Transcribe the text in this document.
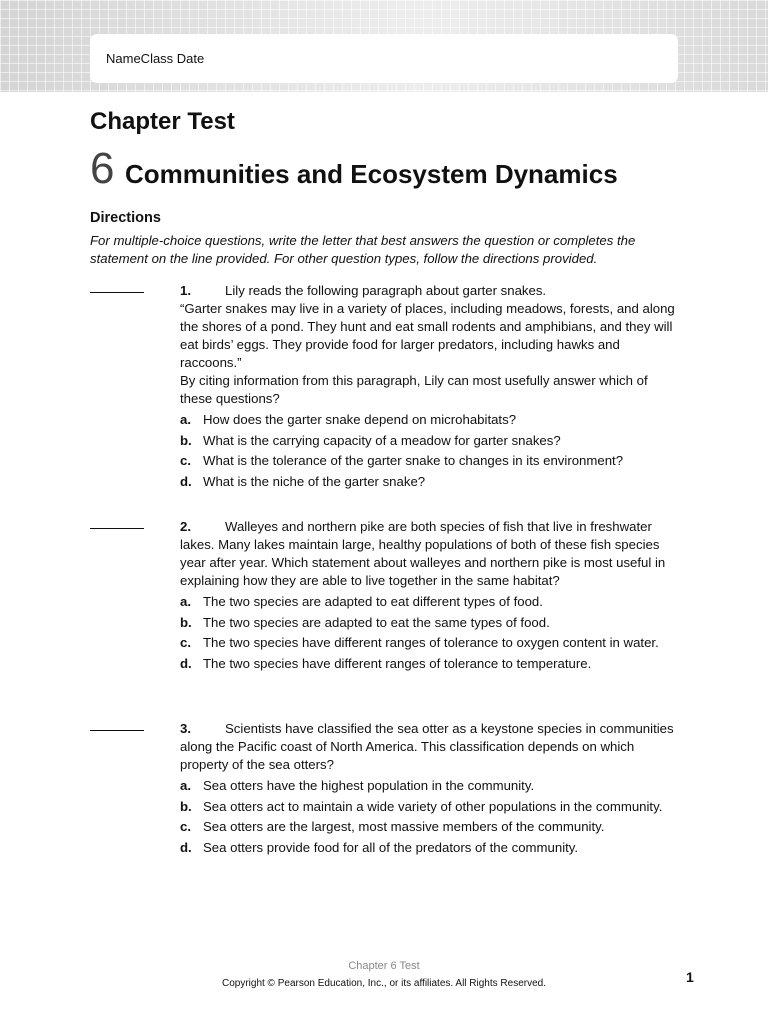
NameClass Date
Chapter Test
6 Communities and Ecosystem Dynamics
Directions

For multiple-choice questions, write the letter that best answers the question or completes the statement on the line provided. For other question types, follow the directions provided.

1.	Lily reads the following paragraph about garter snakes.

“Garter snakes may live in a variety of places, including meadows, forests, and along the shores of a pond. They hunt and eat small rodents and amphibians, and they will eat birds’ eggs. They provide food for larger predators, including hawks and raccoons.”

By citing information from this paragraph, Lily can most usefully answer which of these questions?

a. How does the garter snake depend on microhabitats?
b. What is the carrying capacity of a meadow for garter snakes?
c. What is the tolerance of the garter snake to changes in its environment?
d. What is the niche of the garter snake?

2.	Walleyes and northern pike are both species of fish that live in freshwater lakes. Many lakes maintain large, healthy populations of both of these fish species year after year. Which statement about walleyes and northern pike is most useful in explaining how they are able to live together in the same habitat?

a. The two species are adapted to eat different types of food.
b. The two species are adapted to eat the same types of food.
c. The two species have different ranges of tolerance to oxygen content in water.
d. The two species have different ranges of tolerance to temperature.

3.	Scientists have classified the sea otter as a keystone species in communities along the Pacific coast of North America. This classification depends on which property of the sea otters?

a. Sea otters have the highest population in the community.
b. Sea otters act to maintain a wide variety of other populations in the community.
c. Sea otters are the largest, most massive members of the community.
d. Sea otters provide food for all of the predators of the community.
Chapter 6 Test
Copyright © Pearson Education, Inc., or its affiliates. All Rights Reserved.	1
